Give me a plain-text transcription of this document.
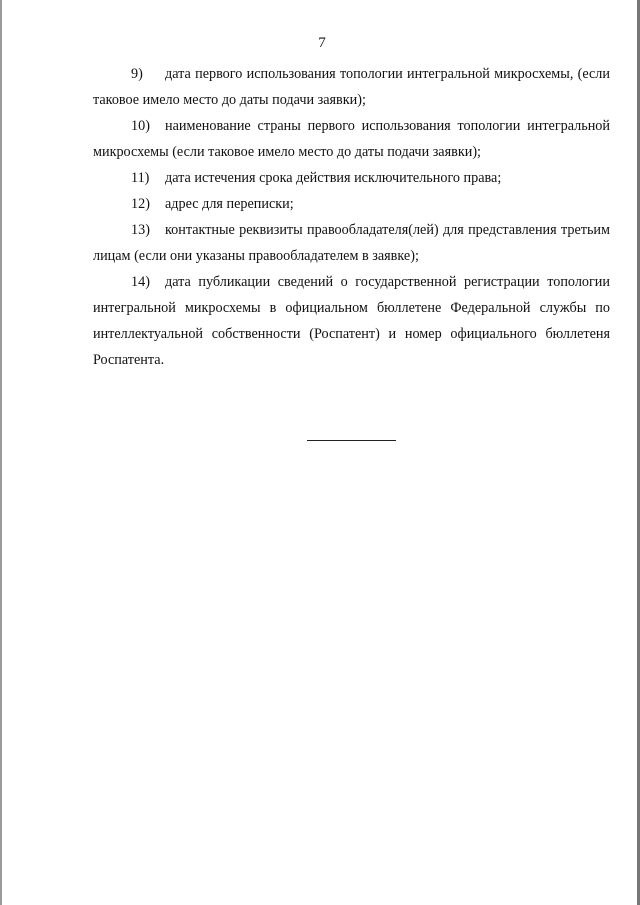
7

9) дата первого использования топологии интегральной микросхемы, (если таковое имело место до даты подачи заявки);

10) наименование страны первого использования топологии интегральной микросхемы (если таковое имело место до даты подачи заявки);

11) дата истечения срока действия исключительного права;

12) адрес для переписки;

13) контактные реквизиты правообладателя(лей) для представления третьим лицам (если они указаны правообладателем в заявке);

14) дата публикации сведений о государственной регистрации топологии интегральной микросхемы в официальном бюллетене Федеральной службы по интеллектуальной собственности (Роспатент) и номер официального бюллетеня Роспатента.
